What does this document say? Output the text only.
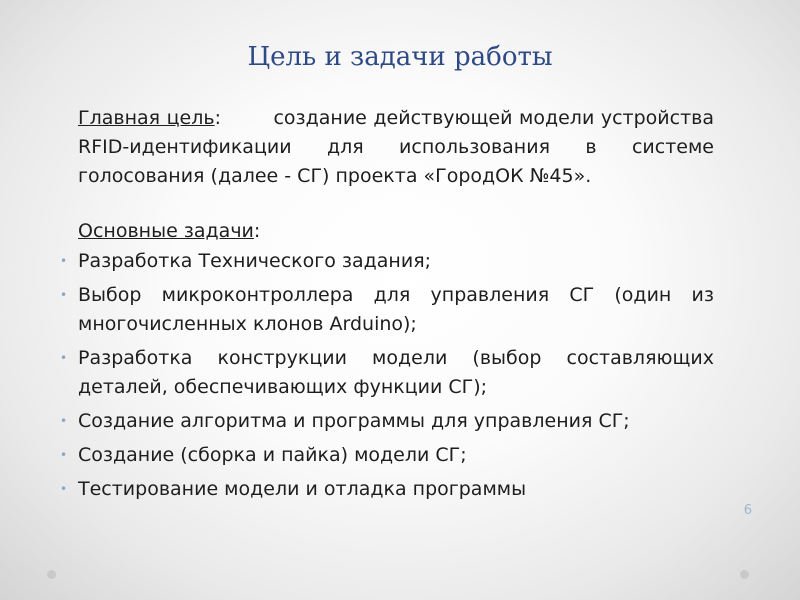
Цель и задачи работы

Главная цель:	создание действующей модели устройства RFID-идентификации для использования в системе голосования (далее - СГ) проекта «ГородОК №45».

Основные задачи:

• Разработка Технического задания;
• Выбор микроконтроллера для управления СГ (один из многочисленных клонов Arduino);
• Разработка конструкции модели (выбор составляющих деталей, обеспечивающих функции СГ);
• Создание алгоритма и программы для управления СГ;
• Создание (сборка и пайка) модели СГ;
• Тестирование модели и отладка программы
6
